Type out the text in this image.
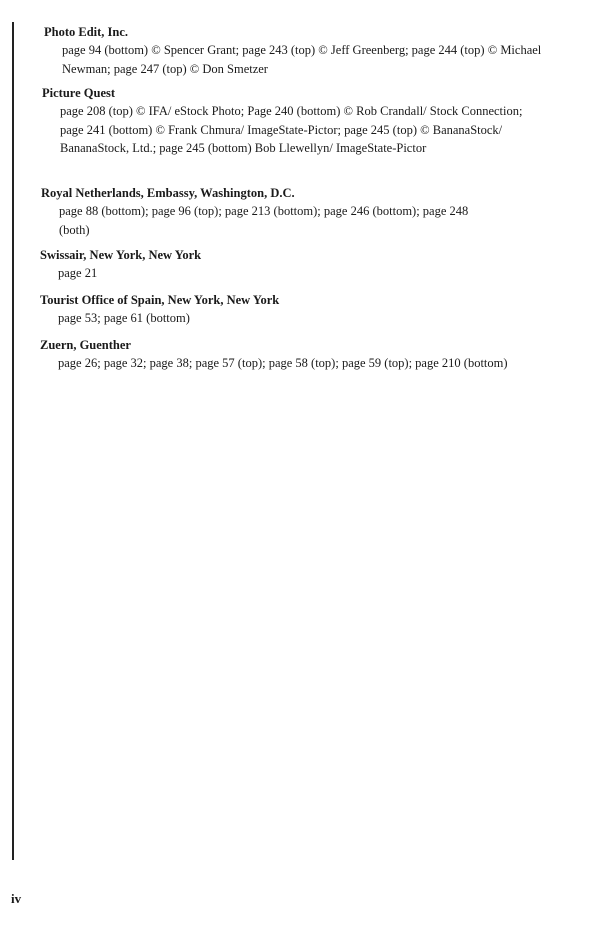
Photo Edit, Inc.
page 94 (bottom) © Spencer Grant; page 243 (top) © Jeff Greenberg; page 244 (top) © Michael Newman; page 247 (top) © Don Smetzer
Picture Quest
page 208 (top) © IFA/ eStock Photo; Page 240 (bottom) © Rob Crandall/ Stock Connection; page 241 (bottom) © Frank Chmura/ ImageState-Pictor; page 245 (top) © BananaStock/ BananaStock, Ltd.; page 245 (bottom) Bob Llewellyn/ ImageState-Pictor
Royal Netherlands, Embassy, Washington, D.C.
page 88 (bottom); page 96 (top); page 213 (bottom); page 246 (bottom); page 248 (both)
Swissair, New York, New York
page 21
Tourist Office of Spain, New York, New York
page 53; page 61 (bottom)
Zuern, Guenther
page 26; page 32; page 38; page 57 (top); page 58 (top); page 59 (top); page 210 (bottom)
iv
